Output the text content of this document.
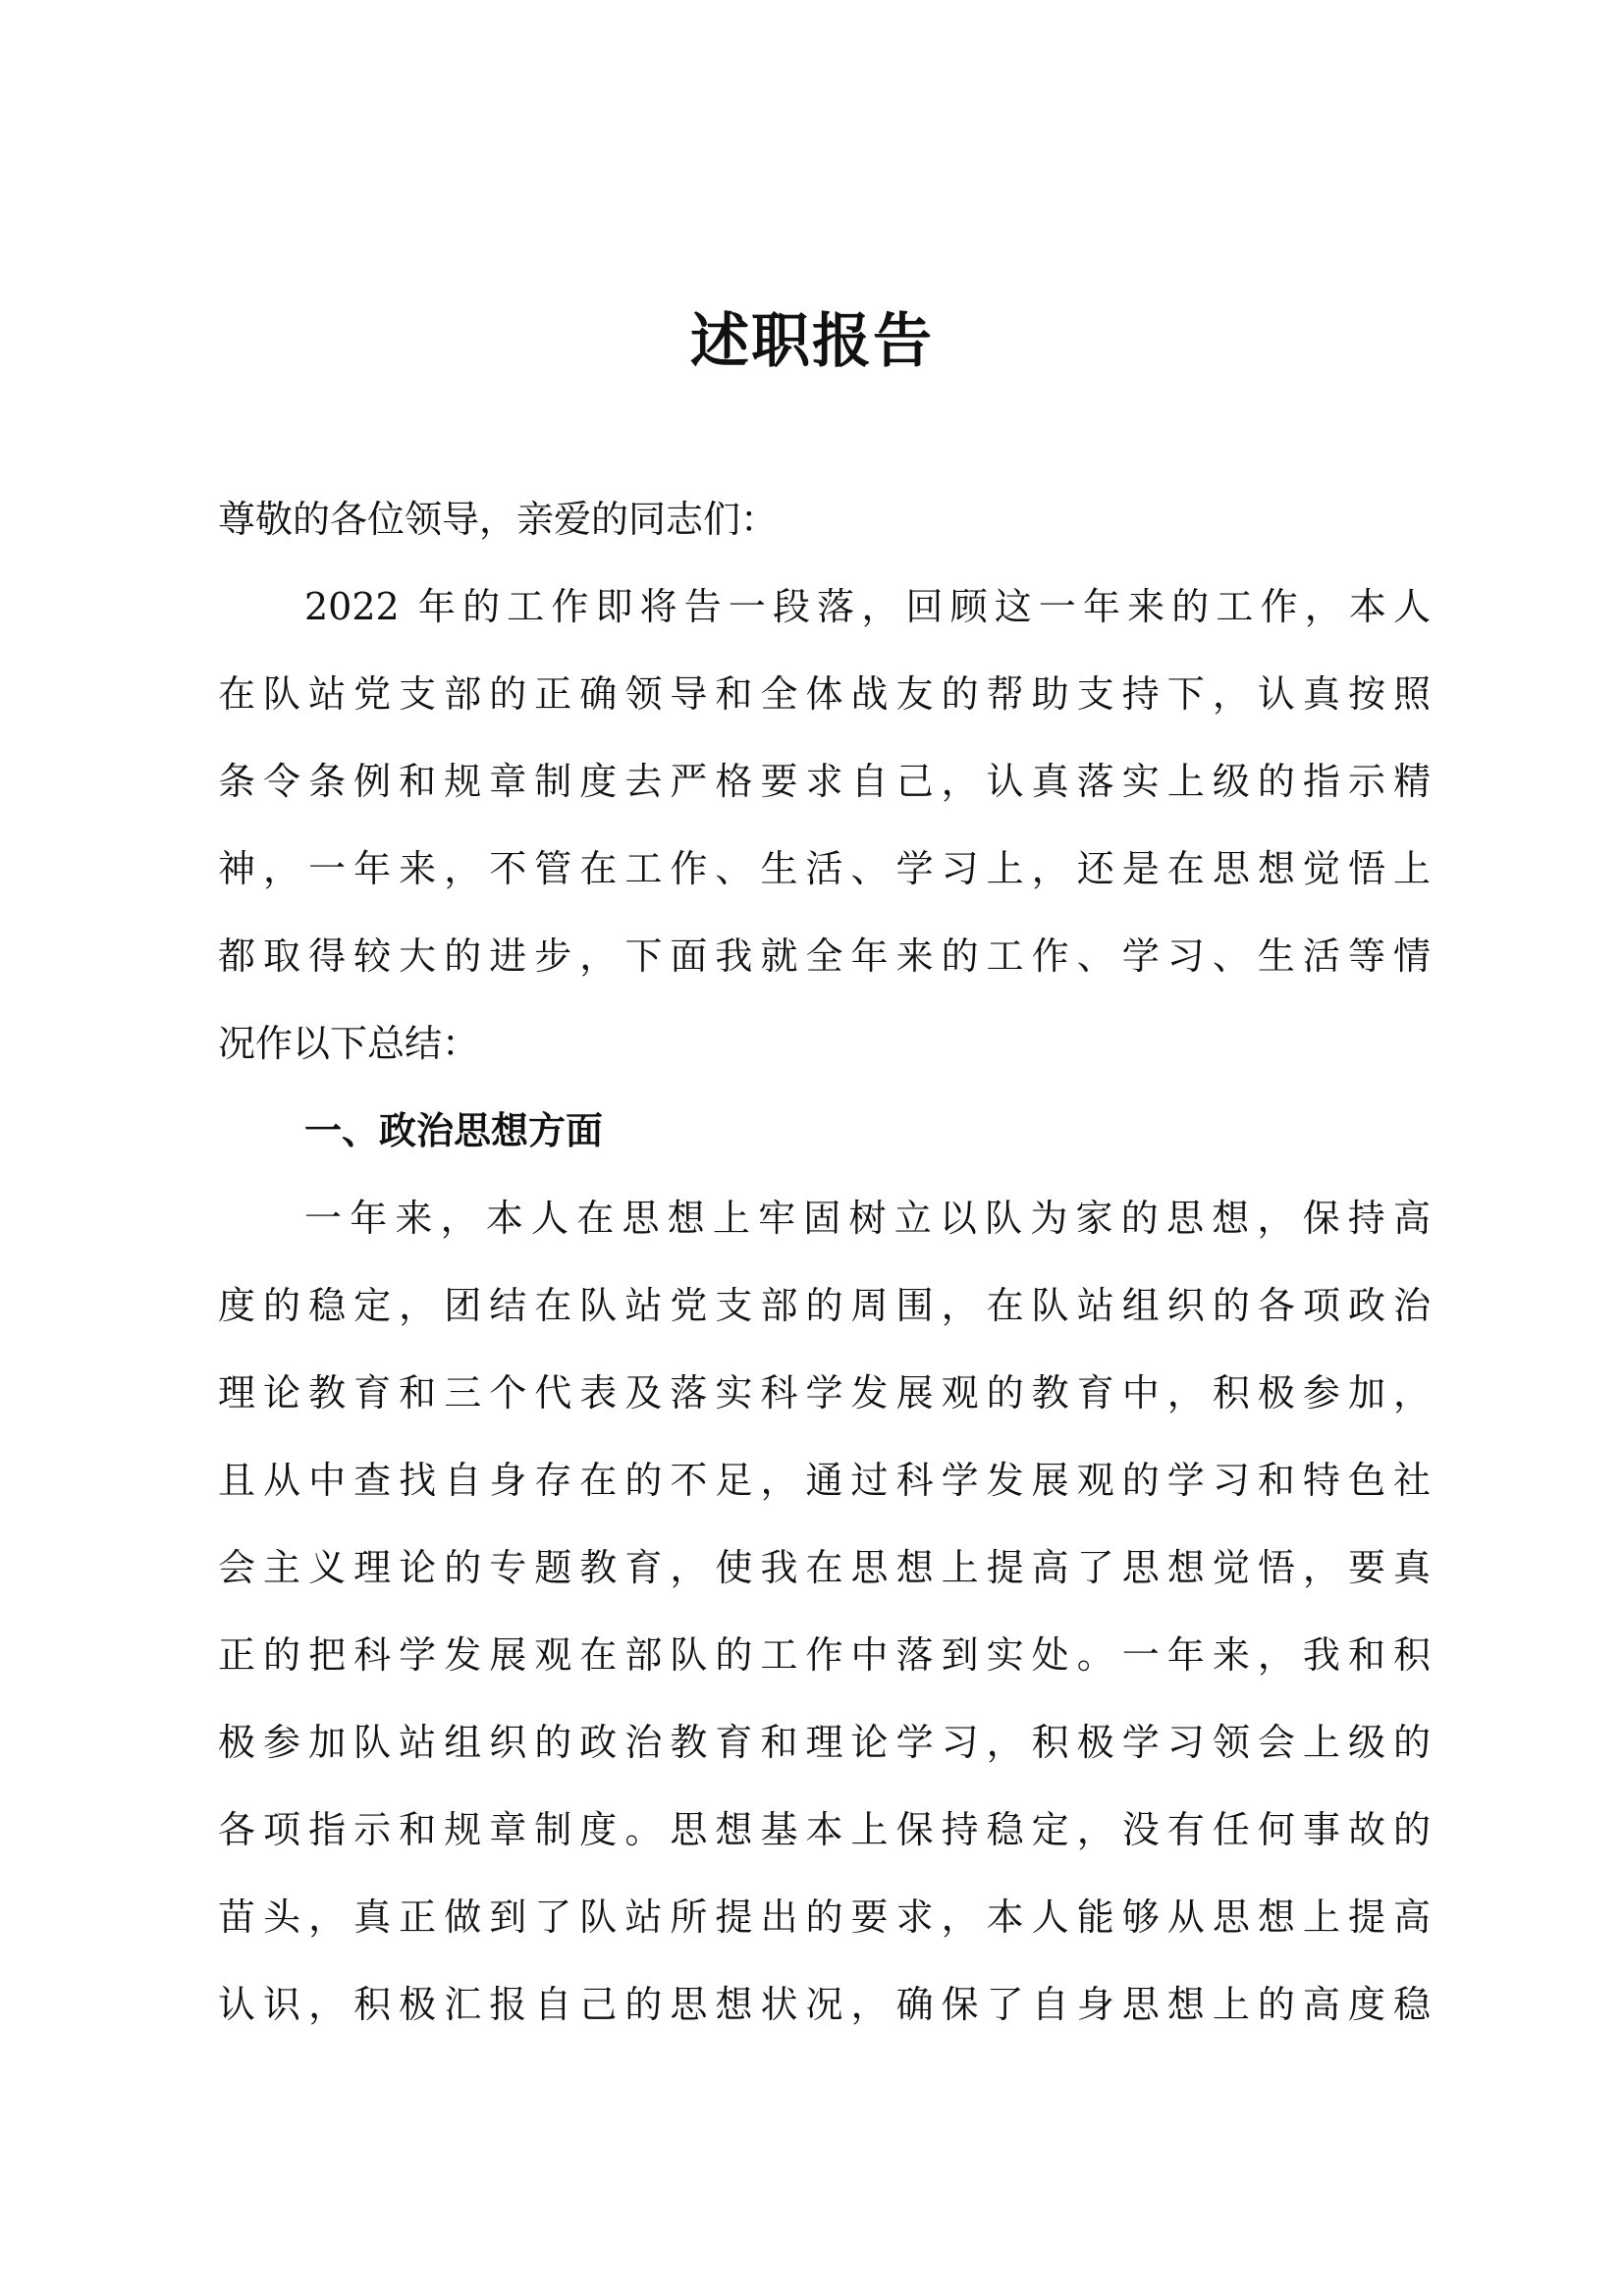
述职报告

尊敬的各位领导，亲爱的同志们：

2022 年的工作即将告一段落，回顾这一年来的工作，本人

在队站党支部的正确领导和全体战友的帮助支持下，认真按照

条令条例和规章制度去严格要求自己，认真落实上级的指示精

神，一年来，不管在工作、生活、学习上，还是在思想觉悟上

都取得较大的进步，下面我就全年来的工作、学习、生活等情

况作以下总结：

一、政治思想方面

一年来，本人在思想上牢固树立以队为家的思想，保持高

度的稳定，团结在队站党支部的周围，在队站组织的各项政治

理论教育和三个代表及落实科学发展观的教育中，积极参加，

且从中查找自身存在的不足，通过科学发展观的学习和特色社

会主义理论的专题教育，使我在思想上提高了思想觉悟，要真

正的把科学发展观在部队的工作中落到实处。一年来，我和积

极参加队站组织的政治教育和理论学习，积极学习领会上级的

各项指示和规章制度。思想基本上保持稳定，没有任何事故的

苗头，真正做到了队站所提出的要求，本人能够从思想上提高

认识，积极汇报自己的思想状况，确保了自身思想上的高度稳
